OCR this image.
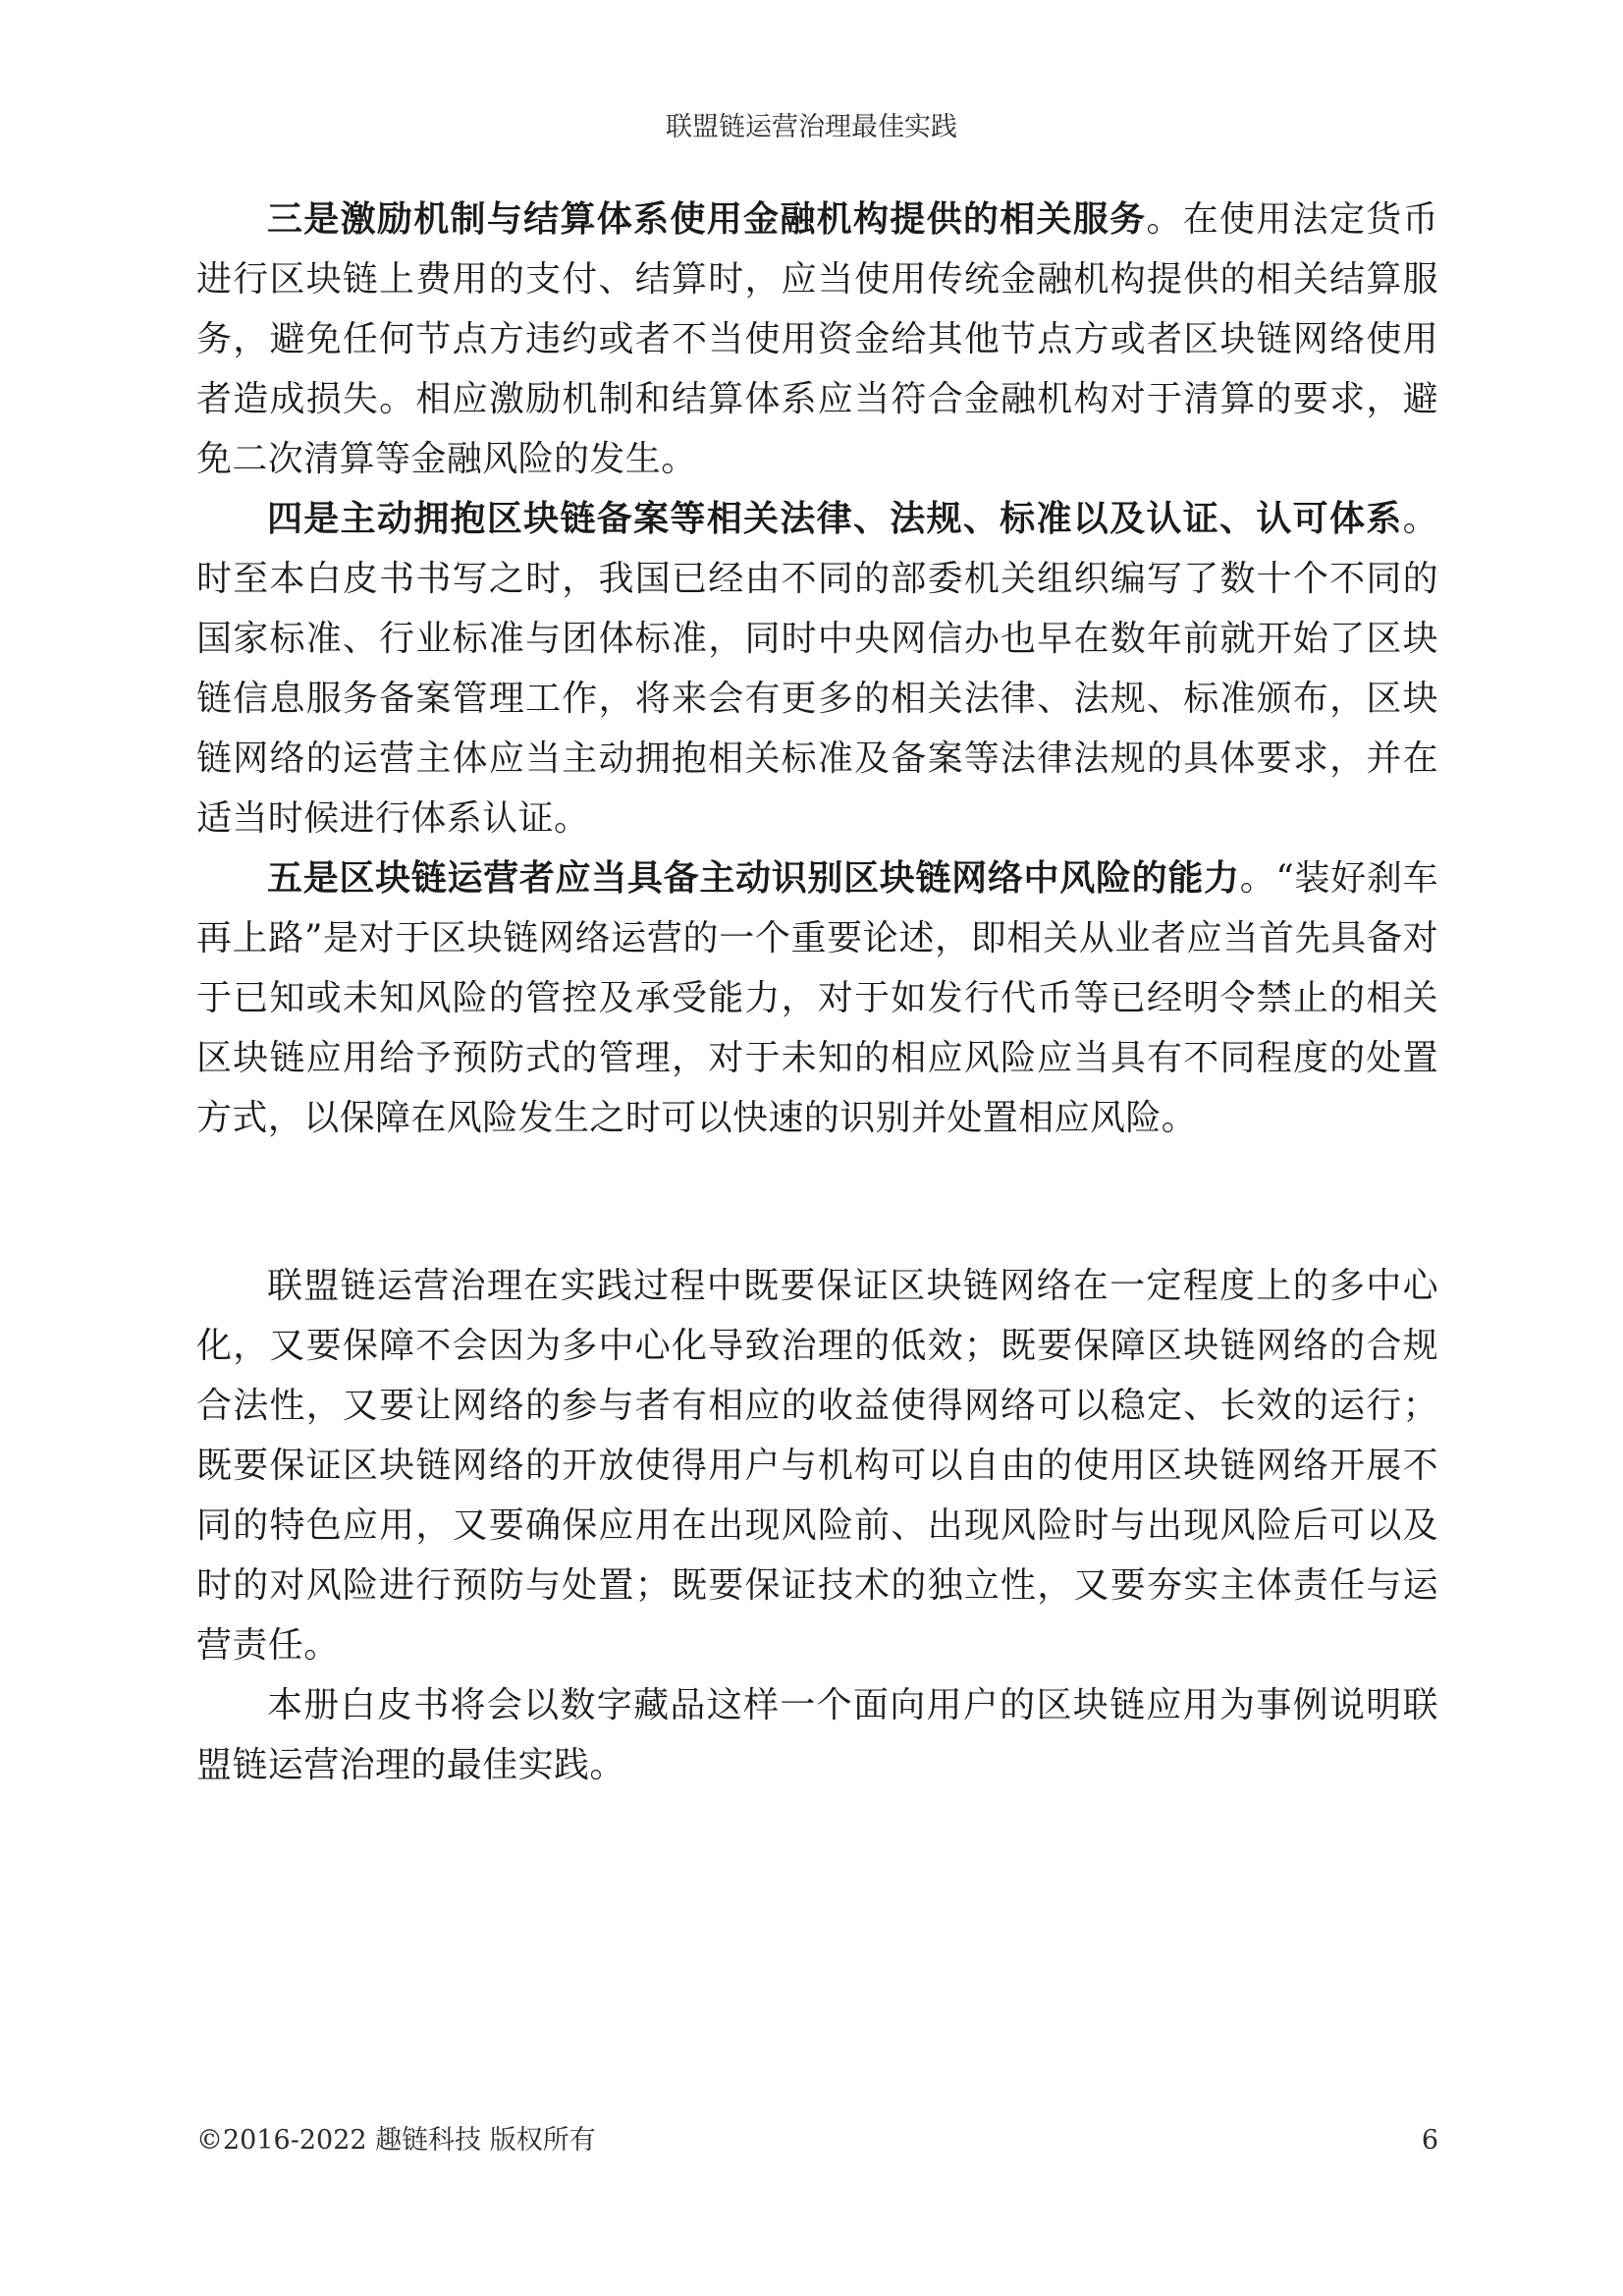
联盟链运营治理最佳实践

三是激励机制与结算体系使用金融机构提供的相关服务。在使用法定货币进行区块链上费用的支付、结算时，应当使用传统金融机构提供的相关结算服务，避免任何节点方违约或者不当使用资金给其他节点方或者区块链网络使用者造成损失。相应激励机制和结算体系应当符合金融机构对于清算的要求，避免二次清算等金融风险的发生。

四是主动拥抱区块链备案等相关法律、法规、标准以及认证、认可体系。时至本白皮书书写之时，我国已经由不同的部委机关组织编写了数十个不同的国家标准、行业标准与团体标准，同时中央网信办也早在数年前就开始了区块链信息服务备案管理工作，将来会有更多的相关法律、法规、标准颁布，区块链网络的运营主体应当主动拥抱相关标准及备案等法律法规的具体要求，并在适当时候进行体系认证。

五是区块链运营者应当具备主动识别区块链网络中风险的能力。“装好刹车再上路”是对于区块链网络运营的一个重要论述，即相关从业者应当首先具备对于已知或未知风险的管控及承受能力，对于如发行代币等已经明令禁止的相关区块链应用给予预防式的管理，对于未知的相应风险应当具有不同程度的处置方式，以保障在风险发生之时可以快速的识别并处置相应风险。

联盟链运营治理在实践过程中既要保证区块链网络在一定程度上的多中心化，又要保障不会因为多中心化导致治理的低效；既要保障区块链网络的合规合法性，又要让网络的参与者有相应的收益使得网络可以稳定、长效的运行；既要保证区块链网络的开放使得用户与机构可以自由的使用区块链网络开展不同的特色应用，又要确保应用在出现风险前、出现风险时与出现风险后可以及时的对风险进行预防与处置；既要保证技术的独立性，又要夯实主体责任与运营责任。

本册白皮书将会以数字藏品这样一个面向用户的区块链应用为事例说明联盟链运营治理的最佳实践。

©2016-2022 趣链科技 版权所有	6
